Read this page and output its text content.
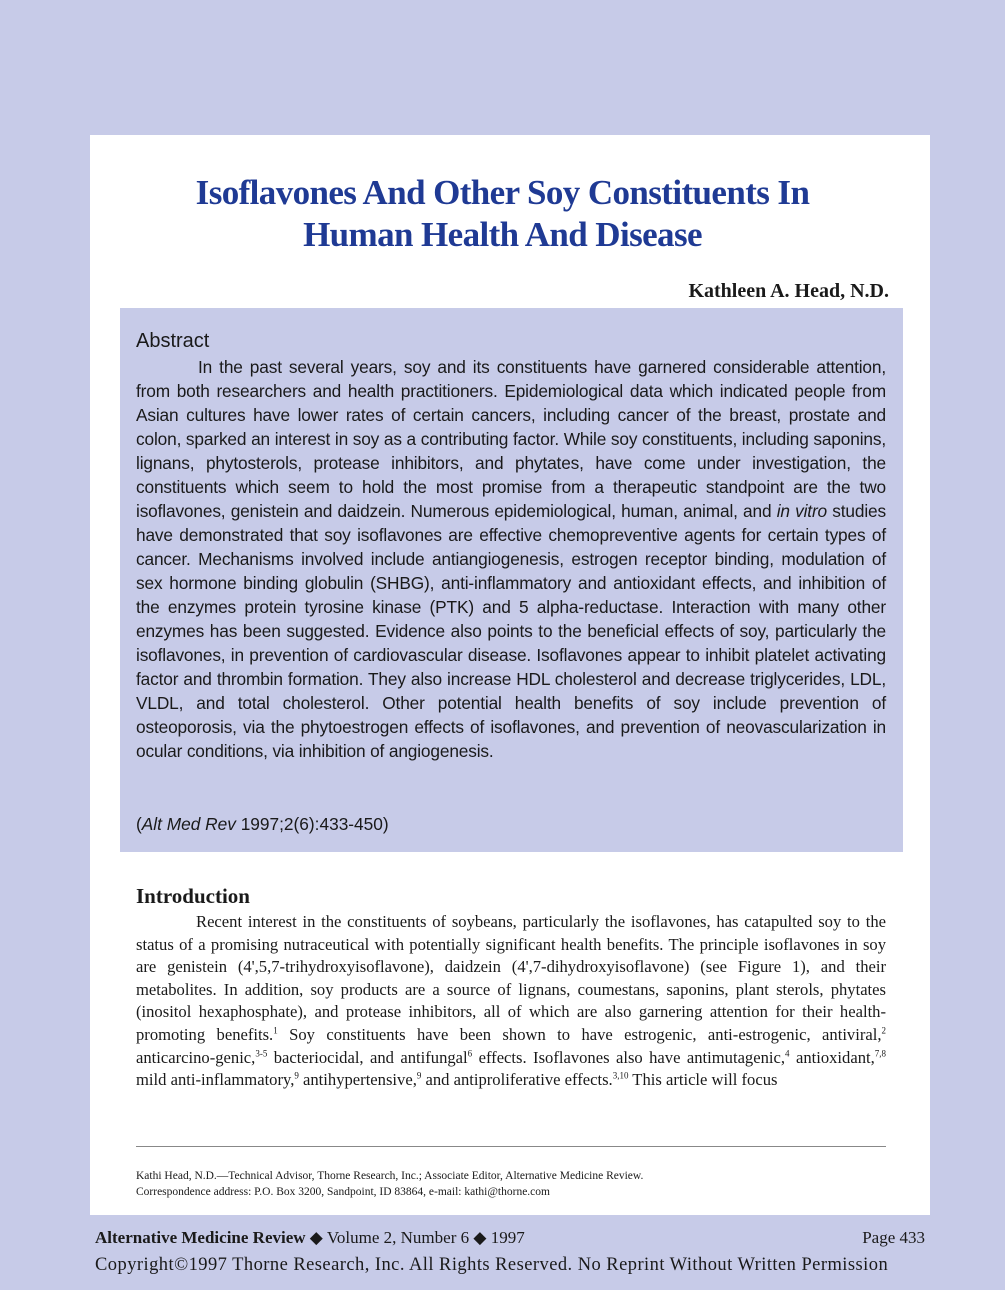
Isoflavones And Other Soy Constituents In
Human Health And Disease
Kathleen A. Head, N.D.
Abstract

In the past several years, soy and its constituents have garnered considerable attention, from both researchers and health practitioners. Epidemiological data which indicated people from Asian cultures have lower rates of certain cancers, including cancer of the breast, prostate and colon, sparked an interest in soy as a contributing factor. While soy constituents, including saponins, lignans, phytosterols, protease inhibitors, and phytates, have come under investigation, the constituents which seem to hold the most promise from a therapeutic standpoint are the two isoflavones, genistein and daidzein. Numerous epidemiological, human, animal, and in vitro studies have demonstrated that soy isoflavones are effective chemopreventive agents for certain types of cancer. Mechanisms involved include antiangiogenesis, estrogen receptor binding, modulation of sex hormone binding globulin (SHBG), anti-inflammatory and antioxidant effects, and inhibition of the enzymes protein tyrosine kinase (PTK) and 5 alpha-reductase. Interaction with many other enzymes has been suggested. Evidence also points to the beneficial effects of soy, particularly the isoflavones, in prevention of cardiovascular disease. Isoflavones appear to inhibit platelet activating factor and thrombin formation. They also increase HDL cholesterol and decrease triglycerides, LDL, VLDL, and total cholesterol. Other potential health benefits of soy include prevention of osteoporosis, via the phytoestrogen effects of isoflavones, and prevention of neovascularization in ocular conditions, via inhibition of angiogenesis.

(Alt Med Rev 1997;2(6):433-450)
Introduction

Recent interest in the constituents of soybeans, particularly the isoflavones, has catapulted soy to the status of a promising nutraceutical with potentially significant health benefits. The principle isoflavones in soy are genistein (4',5,7-trihydroxyisoflavone), daidzein (4',7-dihydroxyisoflavone) (see Figure 1), and their metabolites. In addition, soy products are a source of lignans, coumestans, saponins, plant sterols, phytates (inositol hexaphosphate), and protease inhibitors, all of which are also garnering attention for their health-promoting benefits.$^1$ Soy constituents have been shown to have estrogenic, anti-estrogenic, antiviral,$^2$ anticarcino-genic,$^{3-5}$ bacteriocidal, and antifungal$^6$ effects. Isoflavones also have antimutagenic,$^4$ antioxidant,$^{7,8}$ mild anti-inflammatory,$^9$ antihypertensive,$^9$ and antiproliferative effects.$^{3,10}$ This article will focus

Kathi Head, N.D.—Technical Advisor, Thorne Research, Inc.; Associate Editor, Alternative Medicine Review.
Correspondence address: P.O. Box 3200, Sandpoint, ID 83864, e-mail: kathi@thorne.com
Alternative Medicine Review ◆ Volume 2, Number 6 ◆ 1997	Page 433
Copyright©1997 Thorne Research, Inc. All Rights Reserved. No Reprint Without Written Permission
